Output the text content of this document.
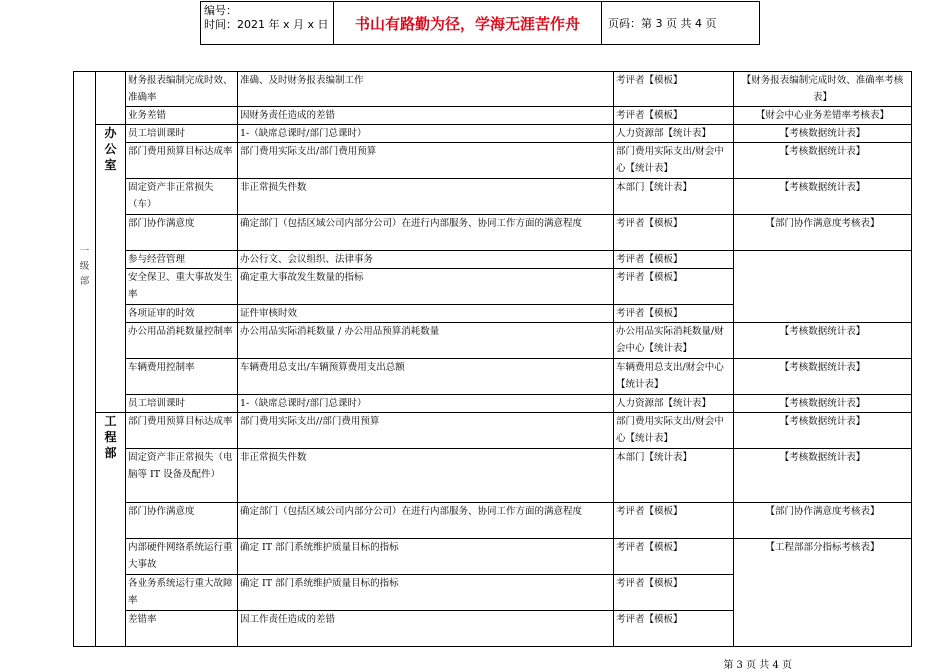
编号：
时间：2021 年 x 月 x 日	书山有路勤为径，学海无涯苦作舟	页码：第 3 页 共 4 页
一级部		财务报表编制完成时效、准确率	准确、及时财务报表编制工作	考评者【模板】	【财务报表编制完成时效、准确率考核表】
		业务差错	因财务责任造成的差错	考评者【模板】	【财会中心业务差错率考核表】
	办公室	员工培训课时	1-（缺席总课时/部门总课时）	人力资源部【统计表】	【考核数据统计表】
		部门费用预算目标达成率	部门费用实际支出/部门费用预算	部门费用实际支出/财会中心【统计表】	【考核数据统计表】
		固定资产非正常损失（车）	非正常损失件数	本部门【统计表】	【考核数据统计表】
		部门协作满意度	确定部门（包括区域公司内部分公司）在进行内部服务、协同工作方面的满意程度	考评者【模板】	【部门协作满意度考核表】
		参与经营管理	办公行文、会议组织、法律事务	考评者【模板】	
		安全保卫、重大事故发生率	确定重大事故发生数量的指标	考评者【模板】	
		各项证审的时效	证件审核时效	考评者【模板】	
		办公用品消耗数量控制率	办公用品实际消耗数量 / 办公用品预算消耗数量	办公用品实际消耗数量/财会中心【统计表】	【考核数据统计表】
		车辆费用控制率	车辆费用总支出/车辆预算费用支出总额	车辆费用总支出/财会中心【统计表】	【考核数据统计表】
		员工培训课时	1-（缺席总课时/部门总课时）	人力资源部【统计表】	【考核数据统计表】
	工程部	部门费用预算目标达成率	部门费用实际支出//部门费用预算	部门费用实际支出/财会中心【统计表】	【考核数据统计表】
		固定资产非正常损失（电脑等 IT 设备及配件）	非正常损失件数	本部门【统计表】	【考核数据统计表】
		部门协作满意度	确定部门（包括区域公司内部分公司）在进行内部服务、协同工作方面的满意程度	考评者【模板】	【部门协作满意度考核表】
		内部硬件网络系统运行重大事故	确定 IT 部门系统维护质量目标的指标	考评者【模板】	【工程部部分指标考核表】
		各业务系统运行重大故障率	确定 IT 部门系统维护质量目标的指标	考评者【模板】	
		差错率	因工作责任造成的差错	考评者【模板】	
第 3 页 共 4 页
